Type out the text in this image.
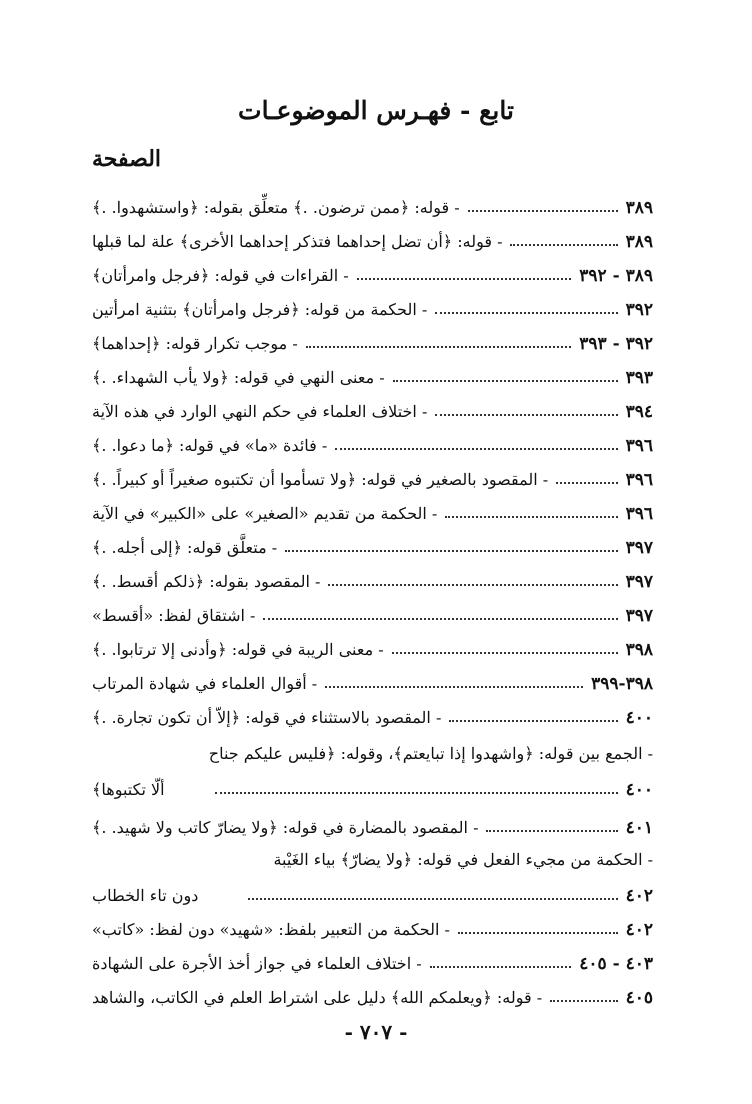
تابع - فهـرس الموضوعـات
الصفحة
- قوله: ﴿ممن ترضون. .﴾ متعلِّق بقوله: ﴿واستشهدوا. .﴾	٣٨٩
- قوله: ﴿أن تضل إحداهما فتذكر إحداهما الأخرى﴾ علة لما قبلها	٣٨٩
- القراءات في قوله: ﴿فرجل وامرأتان﴾	٣٨٩ - ٣٩٢
- الحكمة من قوله: ﴿فرجل وامرأتان﴾ بتثنية امرأتين	٣٩٢
- موجب تكرار قوله: ﴿إحداهما﴾	٣٩٢ - ٣٩٣
- معنى النهي في قوله: ﴿ولا يأب الشهداء. .﴾	٣٩٣
- اختلاف العلماء في حكم النهي الوارد في هذه الآية	٣٩٤
- فائدة «ما» في قوله: ﴿ما دعوا. .﴾	٣٩٦
- المقصود بالصغير في قوله: ﴿ولا تسأموا أن تكتبوه صغيراً أو كبيراً. .﴾	٣٩٦
- الحكمة من تقديم «الصغير» على «الكبير» في الآية	٣٩٦
- متعلَّق قوله: ﴿إلى أجله. .﴾	٣٩٧
- المقصود بقوله: ﴿ذلكم أقسط. .﴾	٣٩٧
- اشتقاق لفظ: «أقسط»	٣٩٧
- معنى الريبة في قوله: ﴿وأدنى إلا ترتابوا. .﴾	٣٩٨
- أقوال العلماء في شهادة المرتاب	٣٩٨-٣٩٩
- المقصود بالاستثناء في قوله: ﴿إلاّ أن تكون تجارة. .﴾	٤٠٠
- الجمع بين قوله: ﴿واشهدوا إذا تبايعتم﴾، وقوله: ﴿فليس عليكم جناح
ألّا تكتبوها﴾	٤٠٠
- المقصود بالمضارة في قوله: ﴿ولا يضارّ كاتب ولا شهيد. .﴾	٤٠١
- الحكمة من مجيء الفعل في قوله: ﴿ولا يضارّ﴾ بياء الغَيْبة
دون تاء الخطاب	٤٠٢
- الحكمة من التعبير بلفظ: «شهيد» دون لفظ: «كاتب»	٤٠٢
- اختلاف العلماء في جواز أخذ الأجرة على الشهادة	٤٠٣ - ٤٠٥
- قوله: ﴿ويعلمكم الله﴾ دليل على اشتراط العلم في الكاتب، والشاهد	٤٠٥
- ٧٠٧ -
